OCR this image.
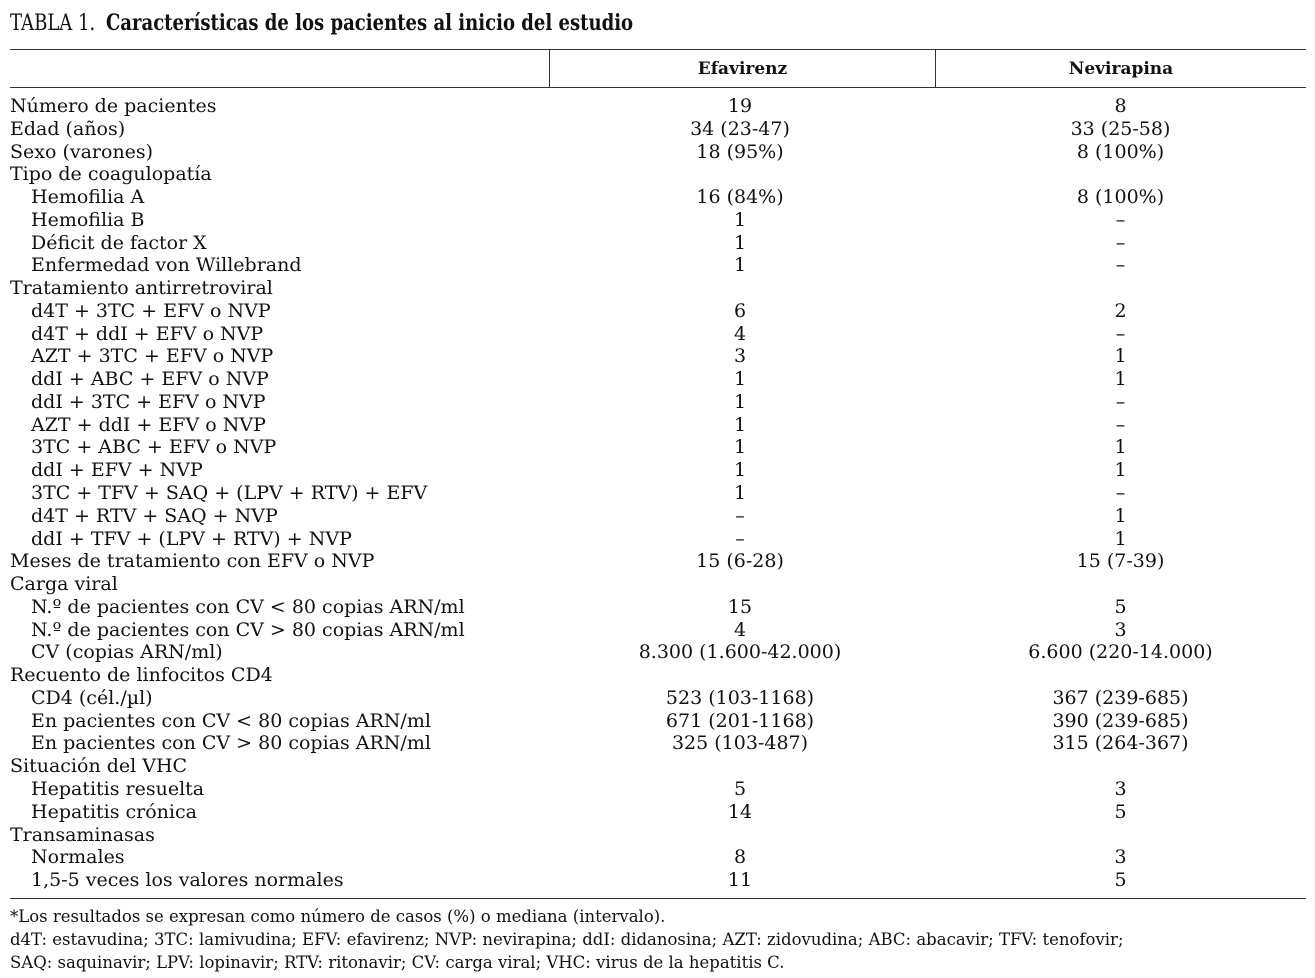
TABLA 1. Características de los pacientes al inicio del estudio
Efavirenz	Nevirapina
Número de pacientes	19	8
Edad (años)	34 (23-47)	33 (25-58)
Sexo (varones)	18 (95%)	8 (100%)
Tipo de coagulopatía
Hemofilia A	16 (84%)	8 (100%)
Hemofilia B	1	–
Déficit de factor X	1	–
Enfermedad von Willebrand	1	–
Tratamiento antirretroviral
d4T + 3TC + EFV o NVP	6	2
d4T + ddI + EFV o NVP	4	–
AZT + 3TC + EFV o NVP	3	1
ddI + ABC + EFV o NVP	1	1
ddI + 3TC + EFV o NVP	1	–
AZT + ddI + EFV o NVP	1	–
3TC + ABC + EFV o NVP	1	1
ddI + EFV + NVP	1	1
3TC + TFV + SAQ + (LPV + RTV) + EFV	1	–
d4T + RTV + SAQ + NVP	–	1
ddI + TFV + (LPV + RTV) + NVP	–	1
Meses de tratamiento con EFV o NVP	15 (6-28)	15 (7-39)
Carga viral
N.º de pacientes con CV < 80 copias ARN/ml	15	5
N.º de pacientes con CV > 80 copias ARN/ml	4	3
CV (copias ARN/ml)	8.300 (1.600-42.000)	6.600 (220-14.000)
Recuento de linfocitos CD4
CD4 (cél./µl)	523 (103-1168)	367 (239-685)
En pacientes con CV < 80 copias ARN/ml	671 (201-1168)	390 (239-685)
En pacientes con CV > 80 copias ARN/ml	325 (103-487)	315 (264-367)
Situación del VHC
Hepatitis resuelta	5	3
Hepatitis crónica	14	5
Transaminasas
Normales	8	3
1,5-5 veces los valores normales	11	5
*Los resultados se expresan como número de casos (%) o mediana (intervalo).
d4T: estavudina; 3TC: lamivudina; EFV: efavirenz; NVP: nevirapina; ddI: didanosina; AZT: zidovudina; ABC: abacavir; TFV: tenofovir;
SAQ: saquinavir; LPV: lopinavir; RTV: ritonavir; CV: carga viral; VHC: virus de la hepatitis C.
